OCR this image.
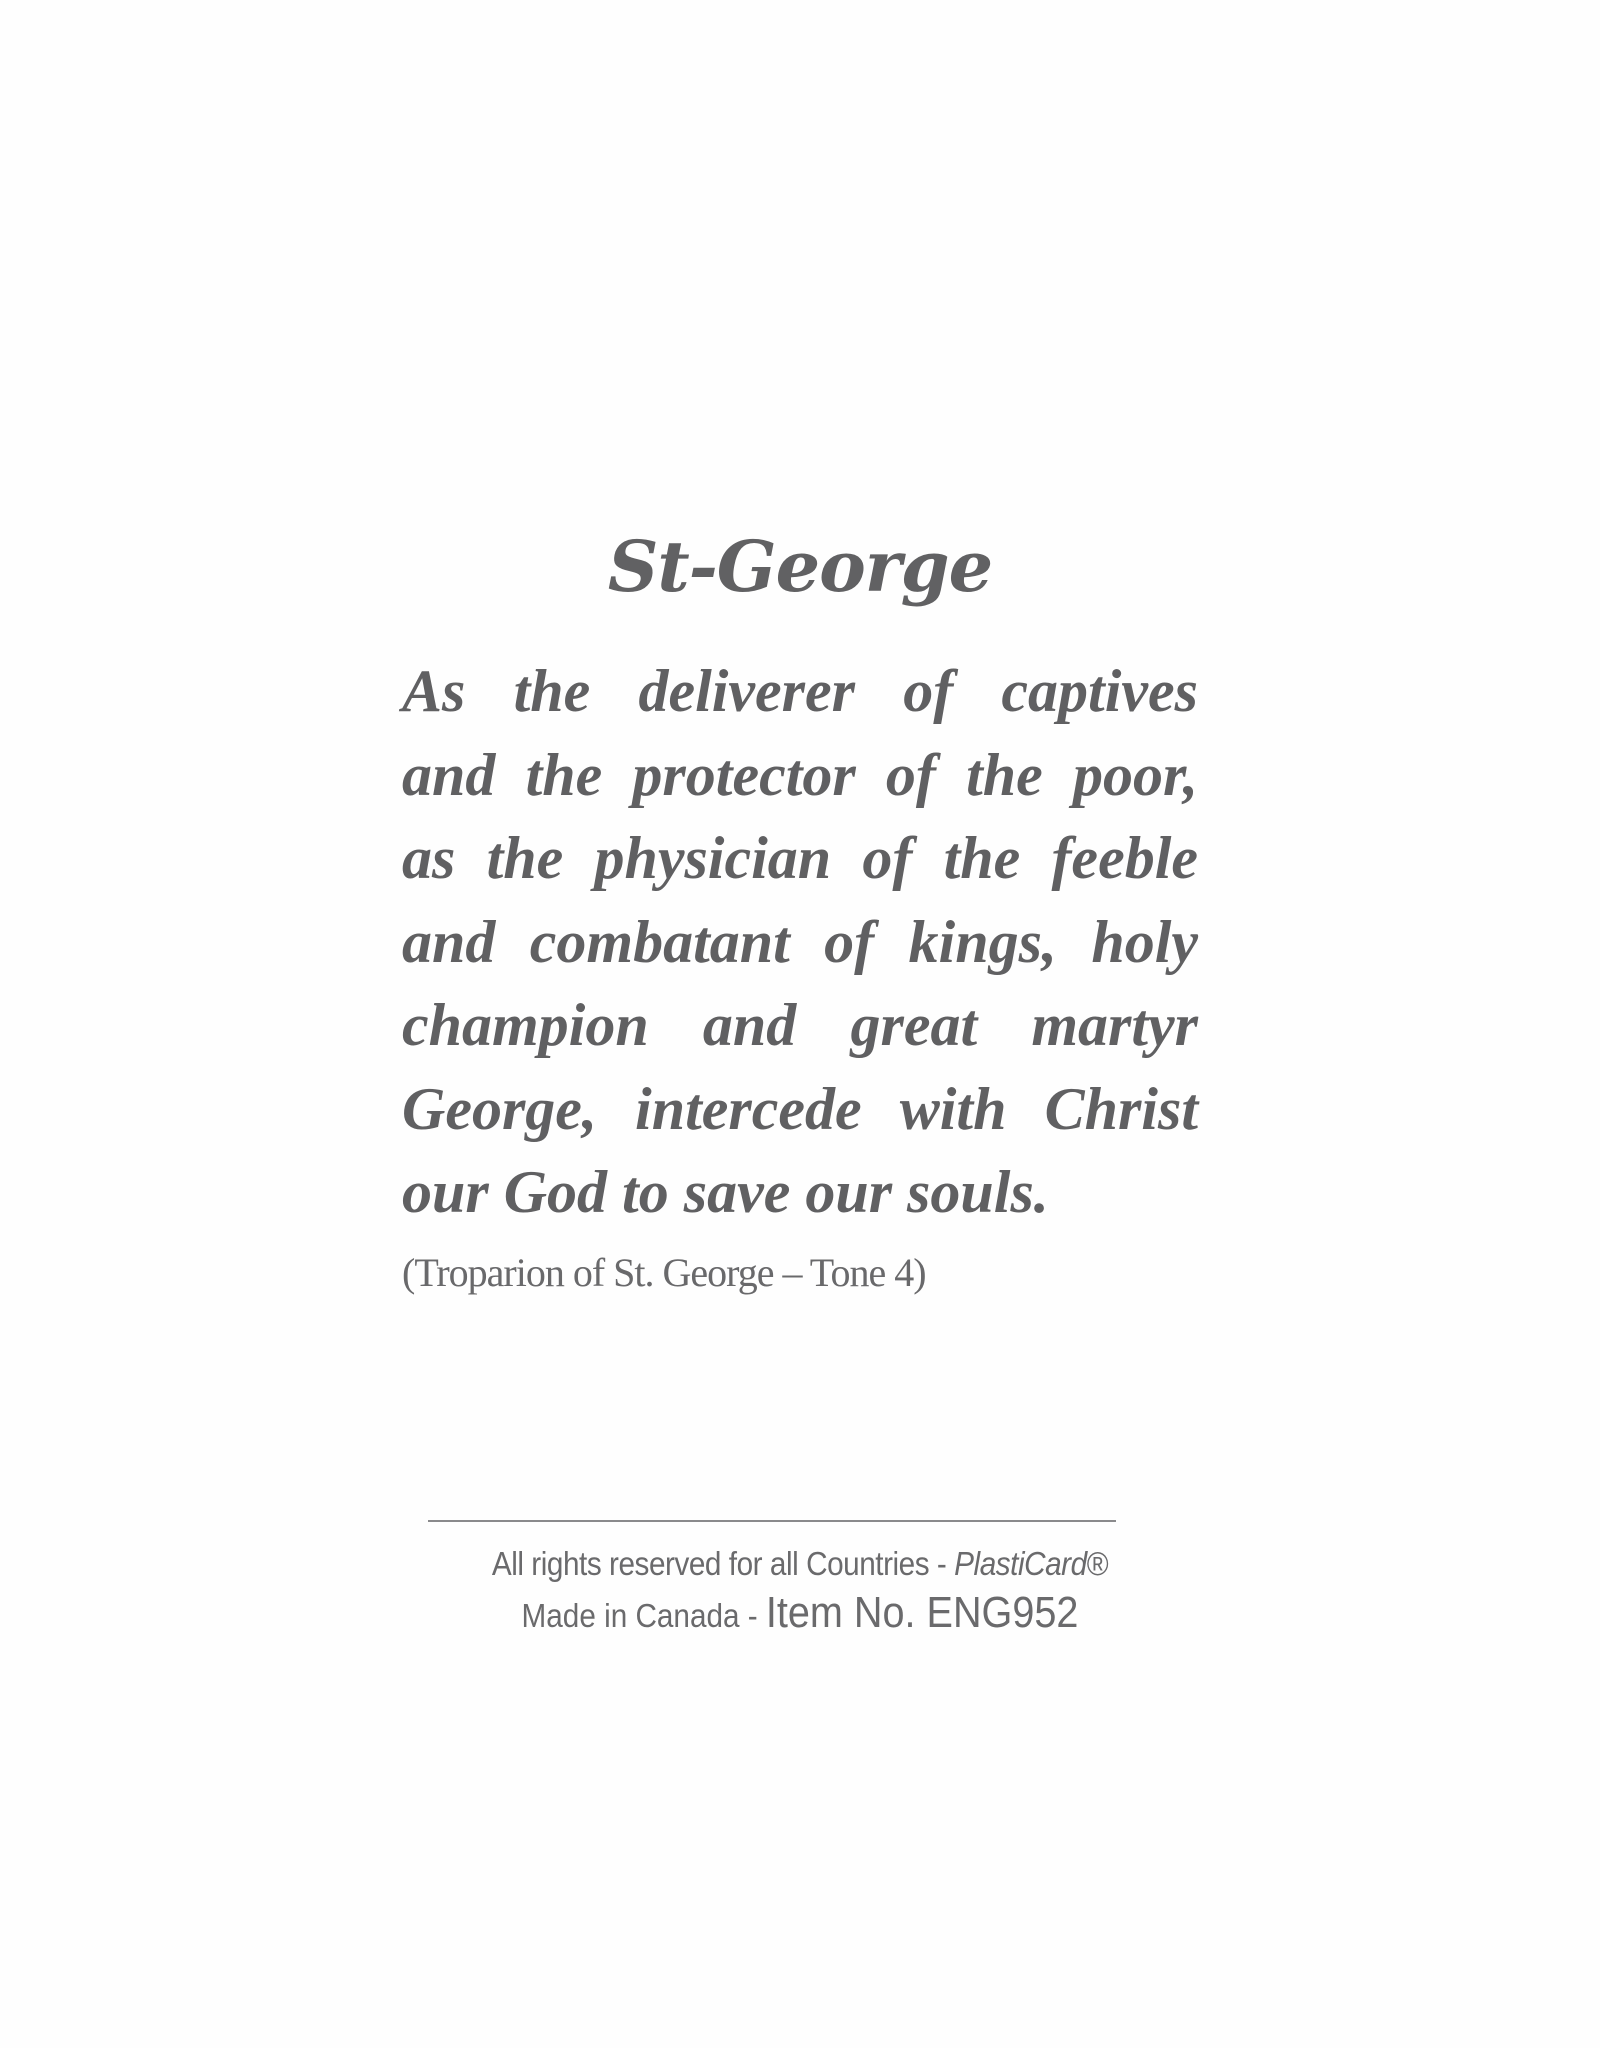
St-George
As the deliverer of captives
and the protector of the poor,
as the physician of the feeble
and combatant of kings, holy
champion and great martyr
George, intercede with Christ
our God to save our souls.
(Troparion of St. George – Tone 4)
All rights reserved for all Countries - PlastiCard®
Made in Canada - Item No. ENG952
